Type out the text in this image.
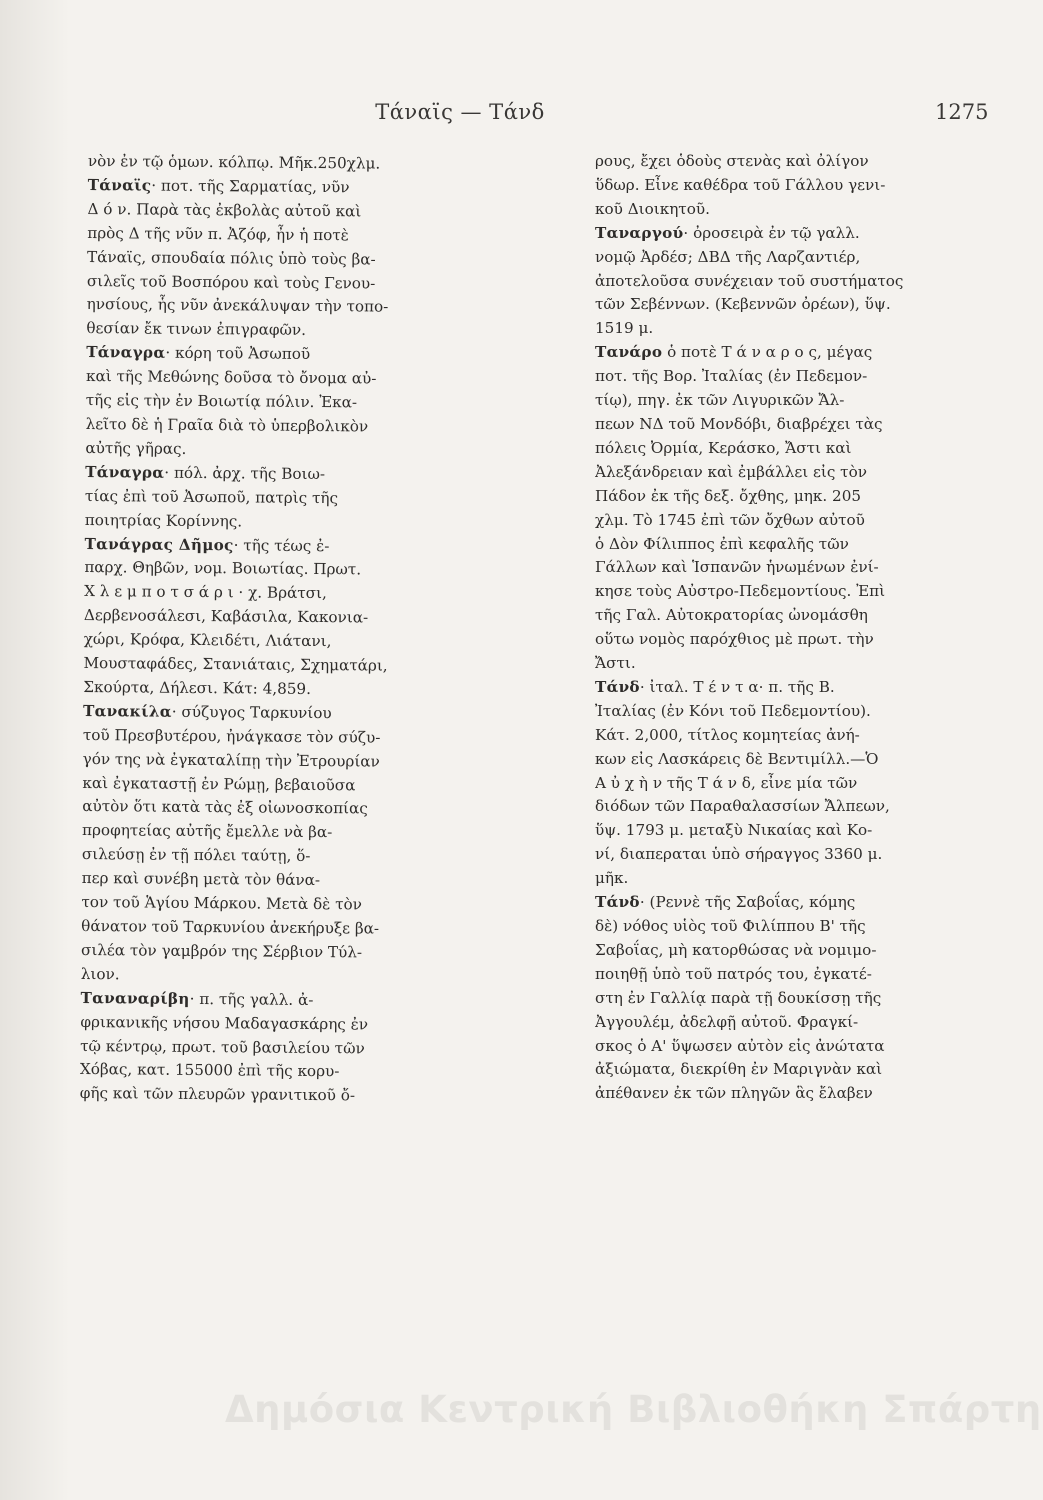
Τάναϊς — Τάνδ	1275
νὸν ἐν τῷ ὁμων. κόλπῳ. Μῆκ.250χλμ.
Τάναϊς· ποτ. τῆς Σαρματίας, νῦν
Δ ό ν. Παρὰ τὰς ἐκβολὰς αὐτοῦ καὶ
πρὸς Δ τῆς νῦν π. Ἀζόφ, ἦν ἡ ποτὲ
Τάναϊς, σπουδαία πόλις ὑπὸ τοὺς βα-
σιλεῖς τοῦ Βοσπόρου καὶ τοὺς Γενου-
ηνσίους, ἧς νῦν ἀνεκάλυψαν τὴν τοπο-
θεσίαν ἔκ τινων ἐπιγραφῶν.
Τάναγρα· κόρη τοῦ Ἀσωποῦ
καὶ τῆς Μεθώνης δοῦσα τὸ ὄνομα αὐ-
τῆς εἰς τὴν ἐν Βοιωτίᾳ πόλιν. Ἐκα-
λεῖτο δὲ ἡ Γραῖα διὰ τὸ ὑπερβολικὸν
αὐτῆς γῆρας.
Τάναγρα· πόλ. ἀρχ. τῆς Βοιω-
τίας ἐπὶ τοῦ Ἀσωποῦ, πατρὶς τῆς
ποιητρίας Κορίννης.
Τανάγρας Δῆμος· τῆς τέως ἐ-
παρχ. Θηβῶν, νομ. Βοιωτίας. Πρωτ.
Χ λ ε μ π ο τ σ ά ρ ι · χ. Βράτσι,
Δερβενοσάλεσι, Καβάσιλα, Κακονια-
χώρι, Κρόφα, Κλειδέτι, Λιάτανι,
Μουσταφάδες, Στανιάταις, Σχηματάρι,
Σκούρτα, Δήλεσι. Κάτ: 4,859.
Τανακίλα· σύζυγος Ταρκυνίου
τοῦ Πρεσβυτέρου, ἠνάγκασε τὸν σύζυ-
γόν της νὰ ἐγκαταλίπῃ τὴν Ἐτρουρίαν
καὶ ἐγκαταστῇ ἐν Ρώμῃ, βεβαιοῦσα
αὐτὸν ὅτι κατὰ τὰς ἐξ οἰωνοσκοπίας
προφητείας αὐτῆς ἔμελλε νὰ βα-
σιλεύσῃ ἐν τῇ πόλει ταύτῃ, ὅ-
περ καὶ συνέβη μετὰ τὸν θάνα-
τον τοῦ Ἁγίου Μάρκου. Μετὰ δὲ τὸν
θάνατον τοῦ Ταρκυνίου ἀνεκήρυξε βα-
σιλέα τὸν γαμβρόν της Σέρβιον Τύλ-
λιον.
Ταναναρίβη· π. τῆς γαλλ. ἀ-
φρικανικῆς νήσου Μαδαγασκάρης ἐν
τῷ κέντρῳ, πρωτ. τοῦ βασιλείου τῶν
Χόβας, κατ. 155000 ἐπὶ τῆς κορυ-
φῆς καὶ τῶν πλευρῶν γρανιτικοῦ ὄ-
ρους, ἔχει ὁδοὺς στενὰς καὶ ὀλίγον
ὕδωρ. Εἶνε καθέδρα τοῦ Γάλλου γενι-
κοῦ Διοικητοῦ.
Ταναργού· ὀροσειρὰ ἐν τῷ γαλλ.
νομῷ Ἀρδέσ; ΔΒΔ τῆς Λαρζαντιέρ,
ἀποτελοῦσα συνέχειαν τοῦ συστήματος
τῶν Σεβέννων. (Κεβεννῶν ὀρέων), ὕψ.
1519 μ.
Τανάρο ὁ ποτὲ Τ ά ν α ρ ο ς, μέγας
ποτ. τῆς Βορ. Ἰταλίας (ἐν Πεδεμον-
τίῳ), πηγ. ἐκ τῶν Λιγυρικῶν Ἄλ-
πεων ΝΔ τοῦ Μονδόβι, διαβρέχει τὰς
πόλεις Ὀρμία, Κεράσκο, Ἄστι καὶ
Ἀλεξάνδρειαν καὶ ἐμβάλλει εἰς τὸν
Πάδον ἐκ τῆς δεξ. ὄχθης, μηκ. 205
χλμ. Τὸ 1745 ἐπὶ τῶν ὄχθων αὐτοῦ
ὁ Δὸν Φίλιππος ἐπὶ κεφαλῆς τῶν
Γάλλων καὶ Ἱσπανῶν ἡνωμένων ἐνί-
κησε τοὺς Αὐστρο-Πεδεμοντίους. Ἐπὶ
τῆς Γαλ. Αὐτοκρατορίας ὠνομάσθη
οὕτω νομὸς παρόχθιος μὲ πρωτ. τὴν
Ἄστι.
Τάνδ· ἰταλ. Τ έ ν τ α· π. τῆς Β.
Ἰταλίας (ἐν Κόνι τοῦ Πεδεμοντίου).
Κάτ. 2,000, τίτλος κομητείας ἀνή-
κων εἰς Λασκάρεις δὲ Βεντιμίλλ.—Ὁ
Α ὐ χ ὴ ν τῆς Τ ά ν δ, εἶνε μία τῶν
διόδων τῶν Παραθαλασσίων Ἄλπεων,
ὕψ. 1793 μ. μεταξὺ Νικαίας καὶ Κο-
νί, διαπεραται ὑπὸ σήραγγος 3360 μ.
μῆκ.
Τάνδ· (Ρεννὲ τῆς Σαβοΐας, κόμης
δὲ) νόθος υἱὸς τοῦ Φιλίππου Β' τῆς
Σαβοΐας, μὴ κατορθώσας νὰ νομιμο-
ποιηθῇ ὑπὸ τοῦ πατρός του, ἐγκατέ-
στη ἐν Γαλλίᾳ παρὰ τῇ δουκίσσῃ τῆς
Ἀγγουλέμ, ἀδελφῇ αὐτοῦ. Φραγκί-
σκος ὁ Α' ὕψωσεν αὐτὸν εἰς ἀνώτατα
ἀξιώματα, διεκρίθη ἐν Μαριγνὰν καὶ
ἀπέθανεν ἐκ τῶν πληγῶν ἃς ἔλαβεν
Δημόσια Κεντρική Βιβλιοθήκη Σπάρτη
